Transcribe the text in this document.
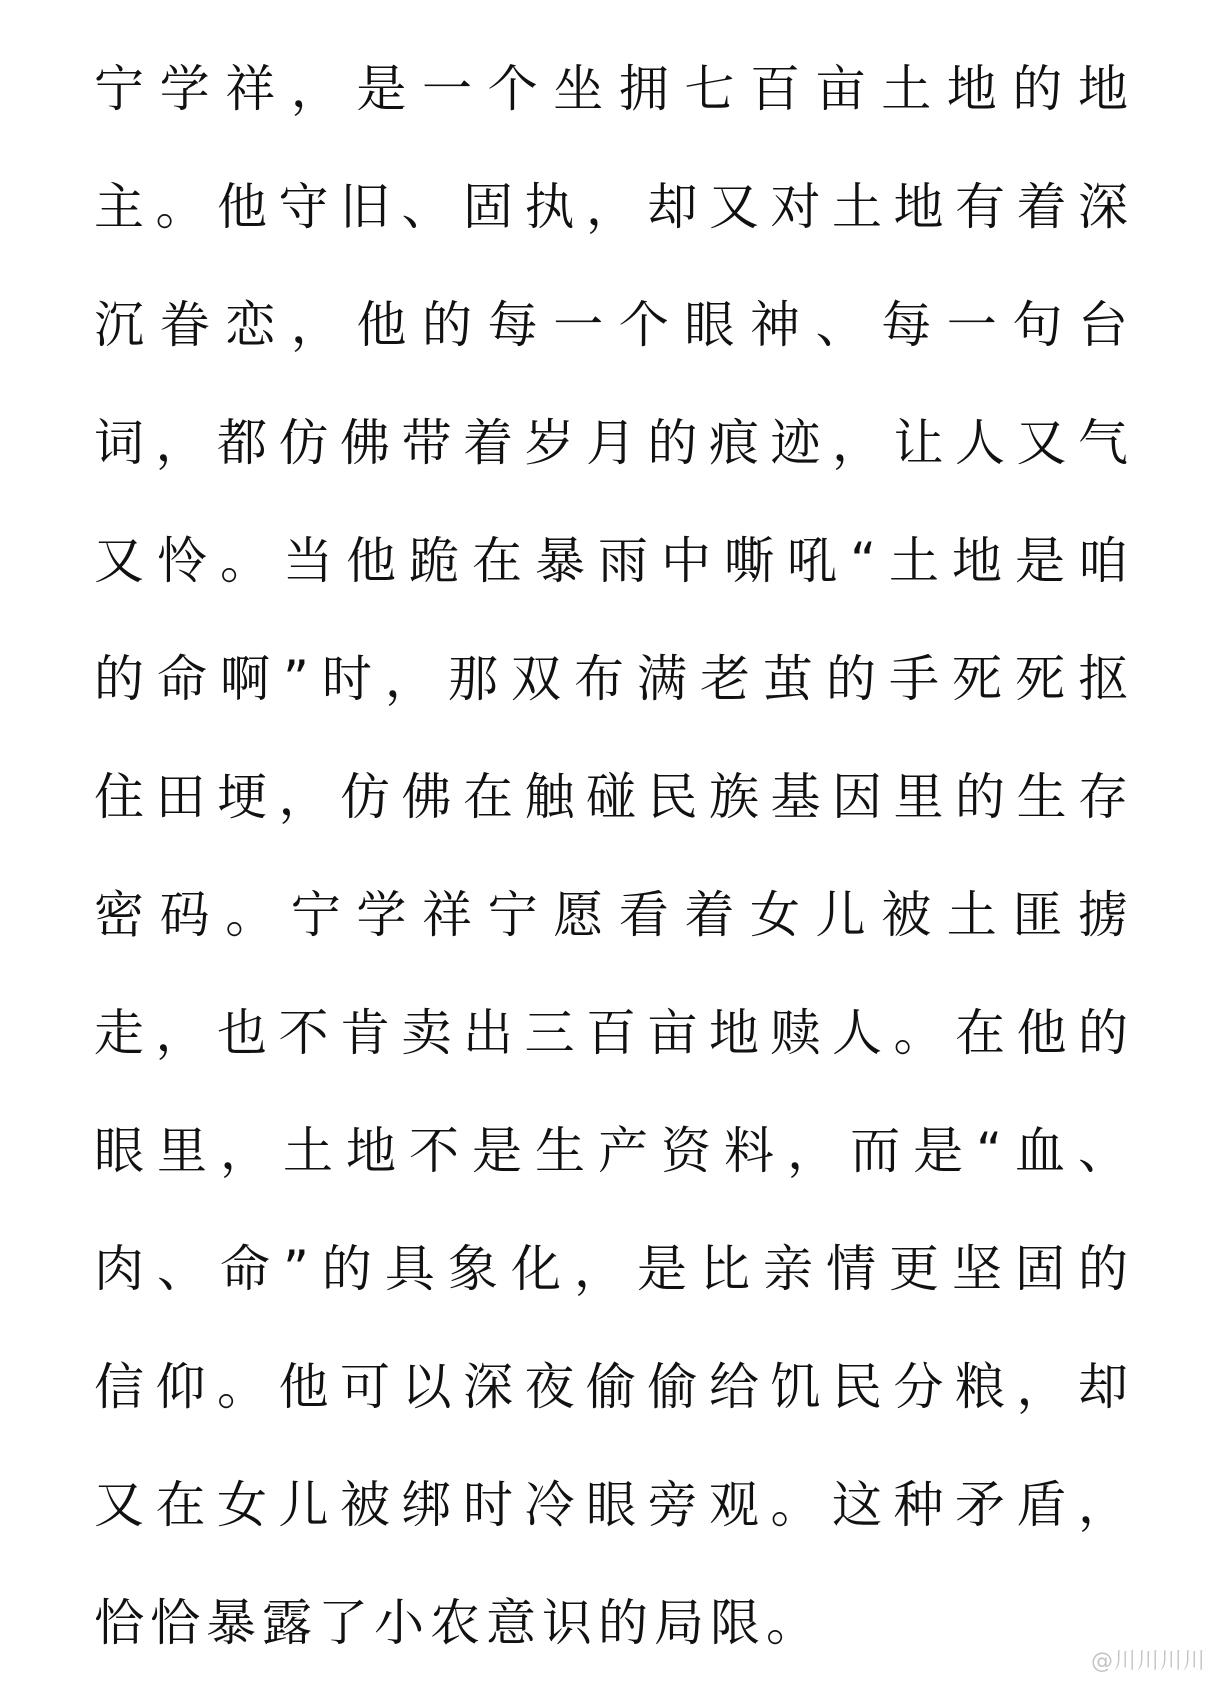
宁学祥，是一个坐拥七百亩土地的地
主。他守旧、固执，却又对土地有着深
沉眷恋，他的每一个眼神、每一句台
词，都仿佛带着岁月的痕迹，让人又气
又怜。当他跪在暴雨中嘶吼“土地是咱
的命啊”时，那双布满老茧的手死死抠
住田埂，仿佛在触碰民族基因里的生存
密码。宁学祥宁愿看着女儿被土匪掳
走，也不肯卖出三百亩地赎人。在他的
眼里，土地不是生产资料，而是“血、
肉、命”的具象化，是比亲情更坚固的
信仰。他可以深夜偷偷给饥民分粮，却
又在女儿被绑时冷眼旁观。这种矛盾，
恰恰暴露了小农意识的局限。
@川川川川
